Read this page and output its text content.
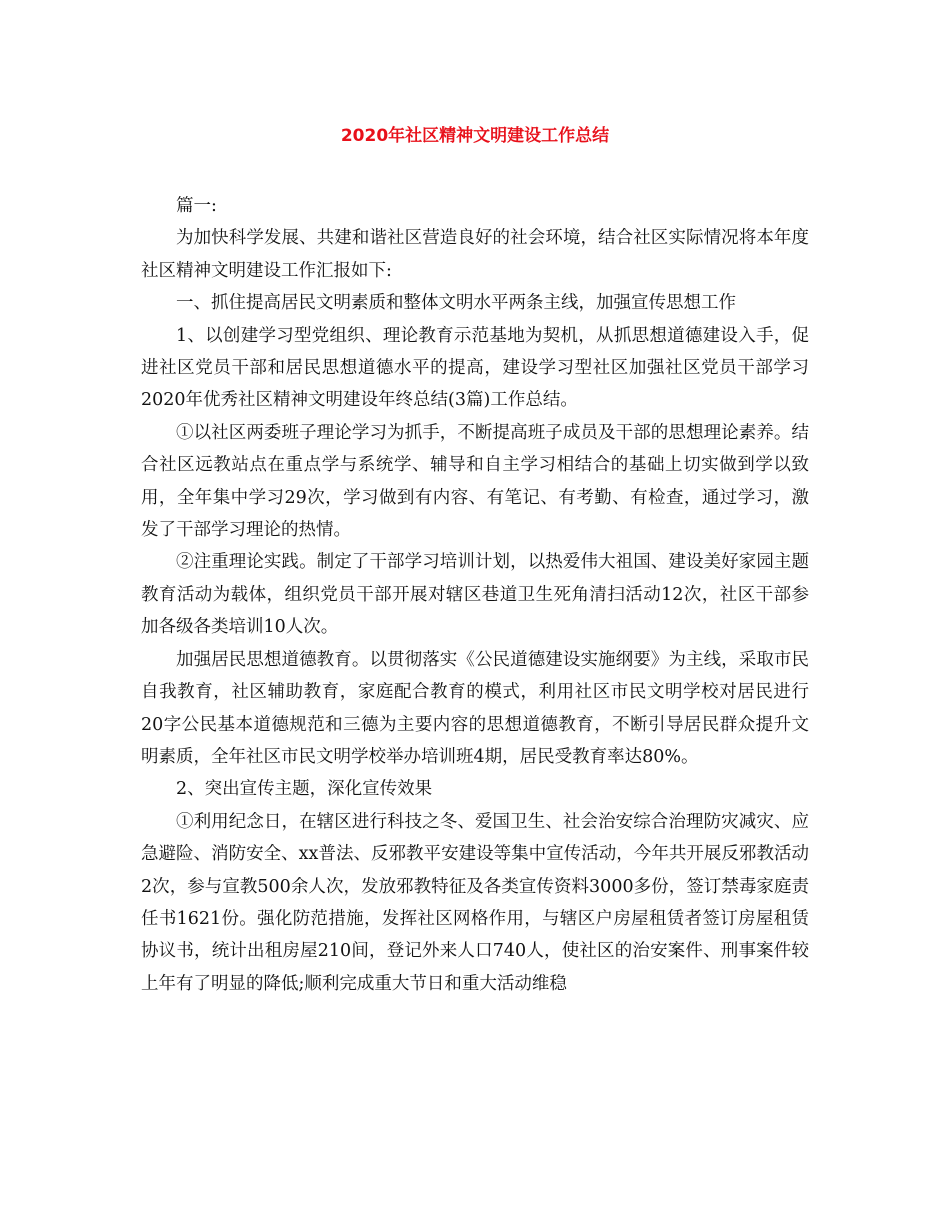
2020年社区精神文明建设工作总结

篇一:

为加快科学发展、共建和谐社区营造良好的社会环境，结合社区实际情况将本年度社区精神文明建设工作汇报如下:

一、抓住提高居民文明素质和整体文明水平两条主线，加强宣传思想工作

1、以创建学习型党组织、理论教育示范基地为契机，从抓思想道德建设入手，促进社区党员干部和居民思想道德水平的提高，建设学习型社区加强社区党员干部学习2020年优秀社区精神文明建设年终总结(3篇)工作总结。

①以社区两委班子理论学习为抓手，不断提高班子成员及干部的思想理论素养。结合社区远教站点在重点学与系统学、辅导和自主学习相结合的基础上切实做到学以致用，全年集中学习29次，学习做到有内容、有笔记、有考勤、有检查，通过学习，激发了干部学习理论的热情。

②注重理论实践。制定了干部学习培训计划，以热爱伟大祖国、建设美好家园主题教育活动为载体，组织党员干部开展对辖区巷道卫生死角清扫活动12次，社区干部参加各级各类培训10人次。

加强居民思想道德教育。以贯彻落实《公民道德建设实施纲要》为主线，采取市民自我教育，社区辅助教育，家庭配合教育的模式，利用社区市民文明学校对居民进行20字公民基本道德规范和三德为主要内容的思想道德教育，不断引导居民群众提升文明素质，全年社区市民文明学校举办培训班4期，居民受教育率达80%。

2、突出宣传主题，深化宣传效果

①利用纪念日，在辖区进行科技之冬、爱国卫生、社会治安综合治理防灾减灾、应急避险、消防安全、xx普法、反邪教平安建设等集中宣传活动，今年共开展反邪教活动2次，参与宣教500余人次，发放邪教特征及各类宣传资料3000多份，签订禁毒家庭责任书1621份。强化防范措施，发挥社区网格作用，与辖区户房屋租赁者签订房屋租赁协议书，统计出租房屋210间，登记外来人口740人，使社区的治安案件、刑事案件较上年有了明显的降低;顺利完成重大节日和重大活动维稳
